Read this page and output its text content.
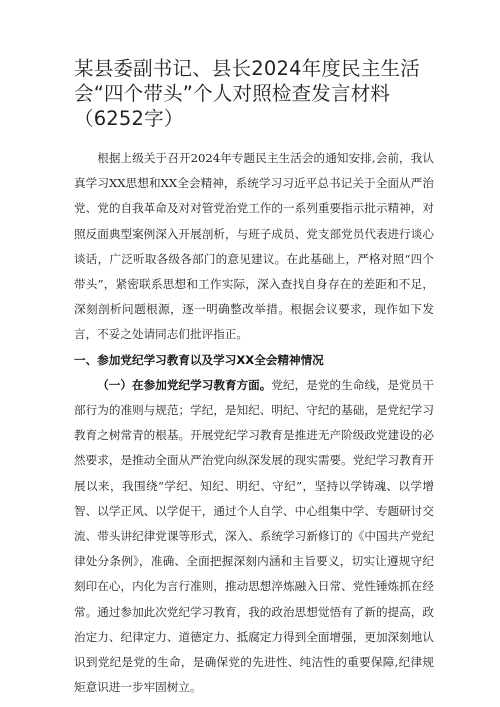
某县委副书记、县长2024年度民主生活会“四个带头”个人对照检查发言材料（6252字）

根据上级关于召开2024年专题民主生活会的通知安排,会前，我认真学习XX思想和XX全会精神，系统学习习近平总书记关于全面从严治党、党的自我革命及对对管党治党工作的一系列重要指示批示精神，对照反面典型案例深入开展剖析，与班子成员、党支部党员代表进行谈心谈话，广泛听取各级各部门的意见建议。在此基础上，严格对照“四个带头”，紧密联系思想和工作实际，深入查找自身存在的差距和不足，深刻剖析问题根源，逐一明确整改举措。根据会议要求，现作如下发言，不妥之处请同志们批评指正。

一、参加党纪学习教育以及学习XX全会精神情况

（一）在参加党纪学习教育方面。党纪，是党的生命线，是党员干部行为的准则与规范；学纪，是知纪、明纪、守纪的基础，是党纪学习教育之树常青的根基。开展党纪学习教育是推进无产阶级政党建设的必然要求，是推动全面从严治党向纵深发展的现实需要。党纪学习教育开展以来，我围绕“学纪、知纪、明纪、守纪”，坚持以学铸魂、以学增智、以学正风、以学促干，通过个人自学、中心组集中学、专题研讨交流、带头讲纪律党课等形式，深入、系统学习新修订的《中国共产党纪律处分条例》，准确、全面把握深刻内涵和主旨要义，切实让遵规守纪刻印在心，内化为言行准则，推动思想淬炼融入日常、党性锤炼抓在经常。通过参加此次党纪学习教育，我的政治思想觉悟有了新的提高，政治定力、纪律定力、道德定力、抵腐定力得到全面增强，更加深刻地认识到党纪是党的生命，是确保党的先进性、纯洁性的重要保障,纪律规矩意识进一步牢固树立。
